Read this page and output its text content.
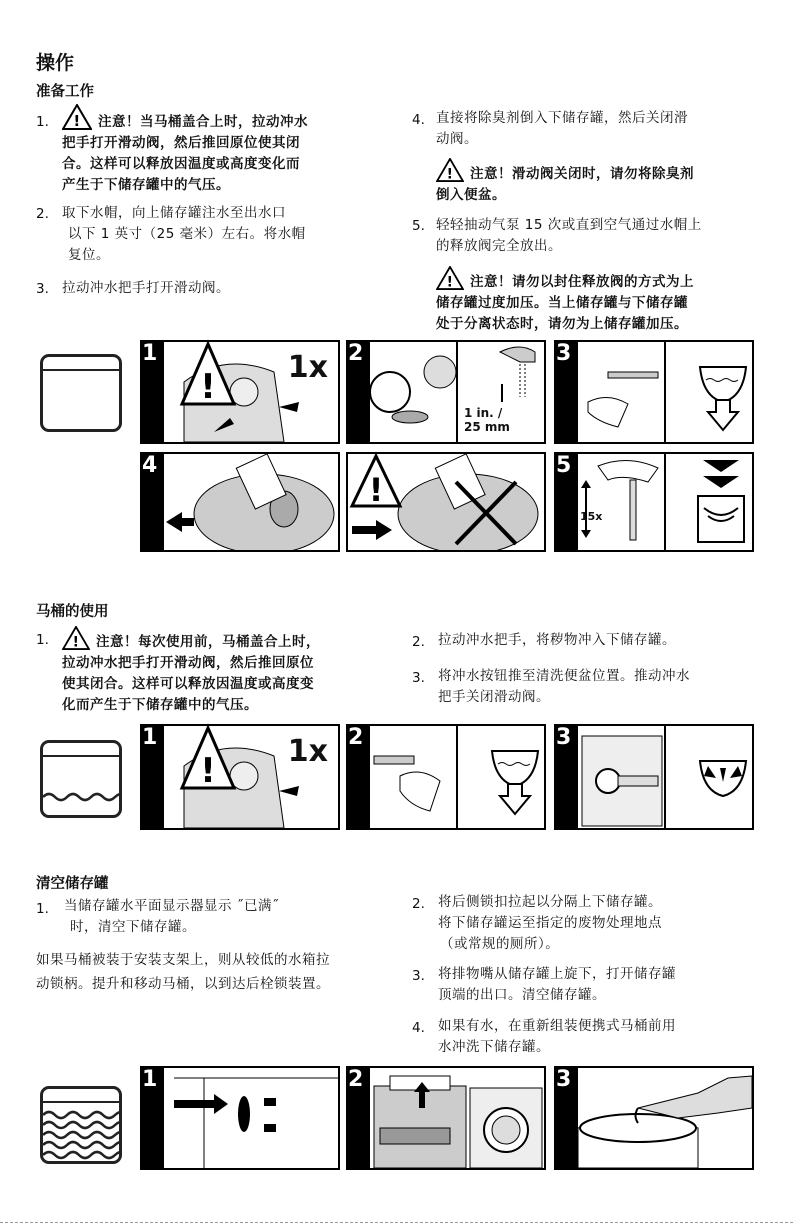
操作
准备工作
1. ! 注意！当马桶盖合上时，拉动冲水
把手打开滑动阀，然后推回原位使其闭
合。这样可以释放因温度或高度变化而
产生于下储存罐中的气压。
2. 取下水帽，向上储存罐注水至出水口
以下 1 英寸（25 毫米）左右。将水帽
复位。
3. 拉动冲水把手打开滑动阀。
4. 直接将除臭剂倒入下储存罐，然后关闭滑
动阀。
! 注意！滑动阀关闭时，请勿将除臭剂
倒入便盆。
5. 轻轻抽动气泵 15 次或直到空气通过水帽上
的释放阀完全放出。
! 注意！请勿以封住释放阀的方式为上
储存罐过度加压。当上储存罐与下储存罐
处于分离状态时，请勿为上储存罐加压。
!
1	1x 2
1 in. /
25 mm
3
4
!
5
15x
马桶的使用
1. ! 注意！每次使用前，马桶盖合上时，
拉动冲水把手打开滑动阀，然后推回原位
使其闭合。这样可以释放因温度或高度变
化而产生于下储存罐中的气压。
2. 拉动冲水把手，将秽物冲入下储存罐。
3. 将冲水按钮推至清洗便盆位置。推动冲水
把手关闭滑动阀。
!
1	1x 2	3
清空储存罐
1. 当储存罐水平面显示器显示 ˝已满˝
时，清空下储存罐。
如果马桶被装于安装支架上，则从较低的水箱拉
动锁柄。提升和移动马桶，以到达后栓锁装置。
2. 将后侧锁扣拉起以分隔上下储存罐。
将下储存罐运至指定的废物处理地点
（或常规的厕所）。
3. 将排物嘴从储存罐上旋下，打开储存罐
顶端的出口。清空储存罐。
4. 如果有水，在重新组装便携式马桶前用
水冲洗下储存罐。
1	2	3
